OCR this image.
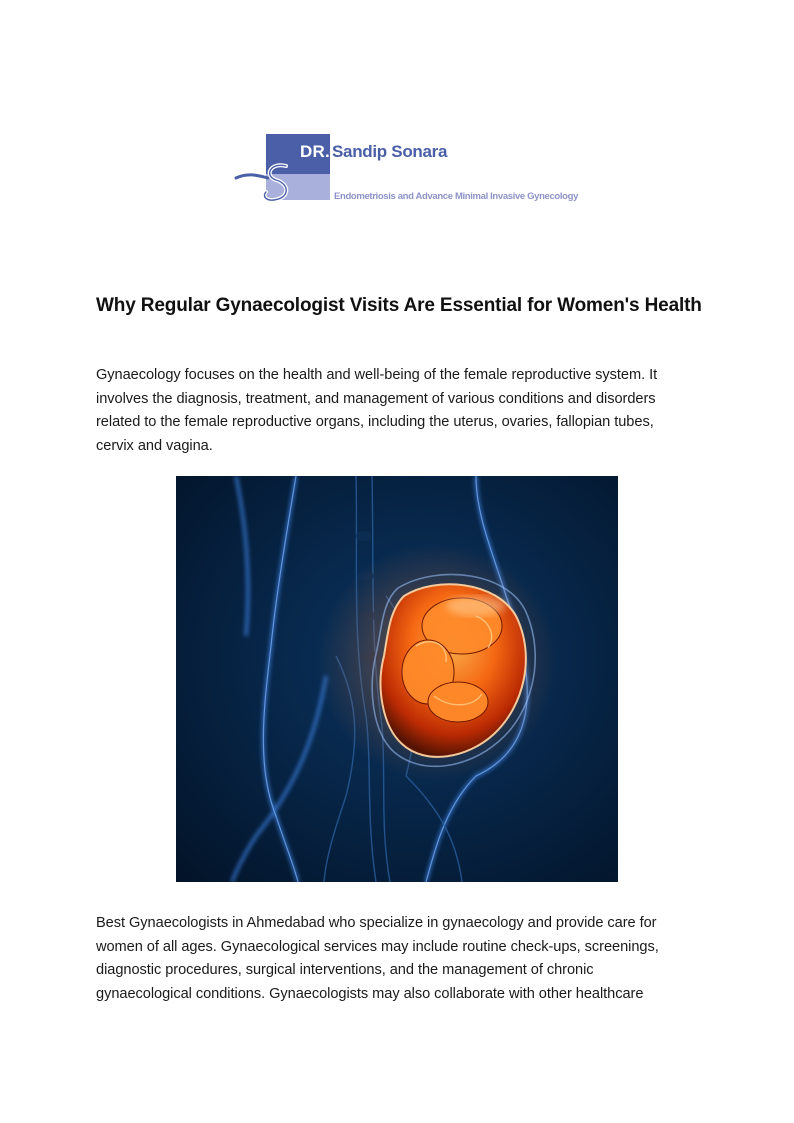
DR. Sandip Sonara
Endometriosis and Advance Minimal Invasive Gynecology
Why Regular Gynaecologist Visits Are Essential for Women's Health

Gynaecology focuses on the health and well-being of the female reproductive system. It
involves the diagnosis, treatment, and management of various conditions and disorders
related to the female reproductive organs, including the uterus, ovaries, fallopian tubes,
cervix and vagina.

Best Gynaecologists in Ahmedabad who specialize in gynaecology and provide care for
women of all ages. Gynaecological services may include routine check-ups, screenings,
diagnostic procedures, surgical interventions, and the management of chronic
gynaecological conditions. Gynaecologists may also collaborate with other healthcare
